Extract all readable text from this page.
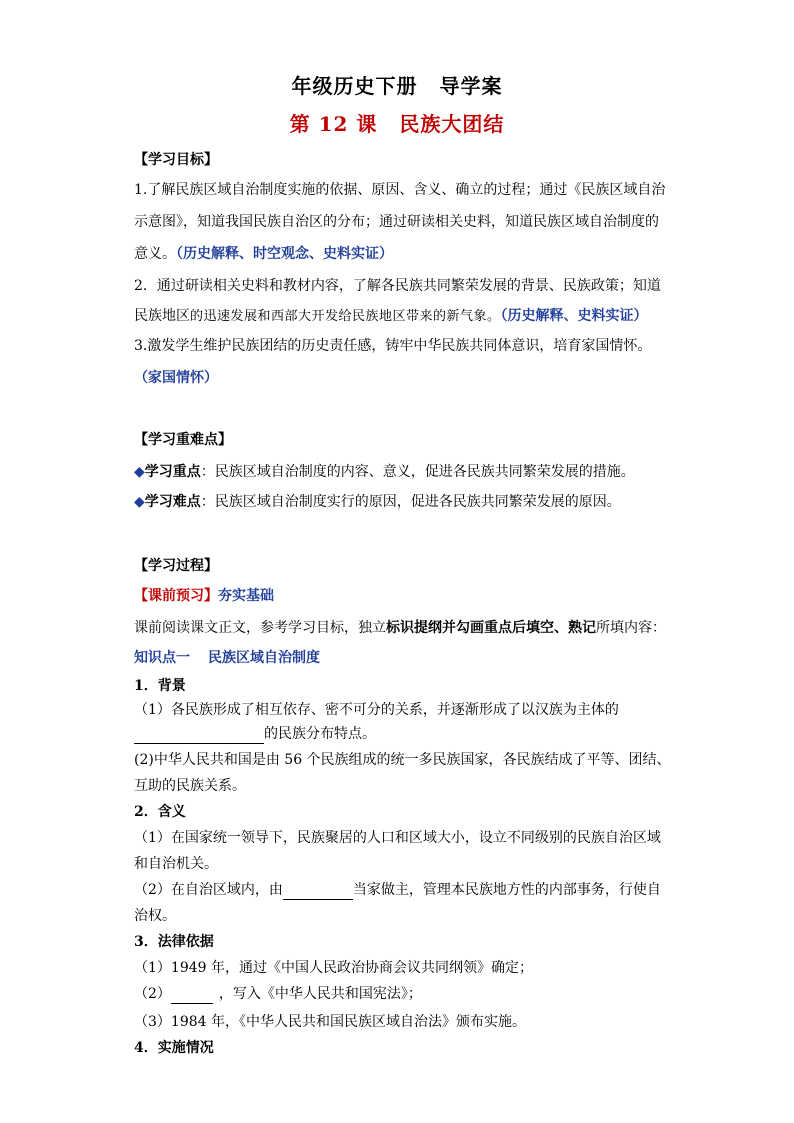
年级历史下册 导学案
第 12 课 民族大团结
【学习目标】
1.了解民族区域自治制度实施的依据、原因、含义、确立的过程；通过《民族区域自治
示意图》，知道我国民族自治区的分布；通过研读相关史料，知道民族区域自治制度的
意义。（历史解释、时空观念、史料实证）
2．通过研读相关史料和教材内容，了解各民族共同繁荣发展的背景、民族政策；知道
民族地区的迅速发展和西部大开发给民族地区带来的新气象。（历史解释、史料实证）
3.激发学生维护民族团结的历史责任感，铸牢中华民族共同体意识，培育家国情怀。
（家国情怀）
【学习重难点】
◆学习重点：民族区域自治制度的内容、意义，促进各民族共同繁荣发展的措施。
◆学习难点：民族区域自治制度实行的原因，促进各民族共同繁荣发展的原因。
【学习过程】
【课前预习】夯实基础
课前阅读课文正文，参考学习目标，独立标识提纲并勾画重点后填空、熟记所填内容：
知识点一 民族区域自治制度
1．背景
（1）各民族形成了相互依存、密不可分的关系，并逐渐形成了以汉族为主体的
的民族分布特点。
(2)中华人民共和国是由 56 个民族组成的统一多民族国家，各民族结成了平等、团结、
互助的民族关系。
2．含义
（1）在国家统一领导下，民族聚居的人口和区域大小，设立不同级别的民族自治区域
和自治机关。
（2）在自治区域内，由	当家做主，管理本民族地方性的内部事务，行使自
治权。
3．法律依据
（1）1949 年，通过《中国人民政治协商会议共同纲领》确定；
（2）	，写入《中华人民共和国宪法》；
（3）1984 年，《中华人民共和国民族区域自治法》颁布实施。
4．实施情况
